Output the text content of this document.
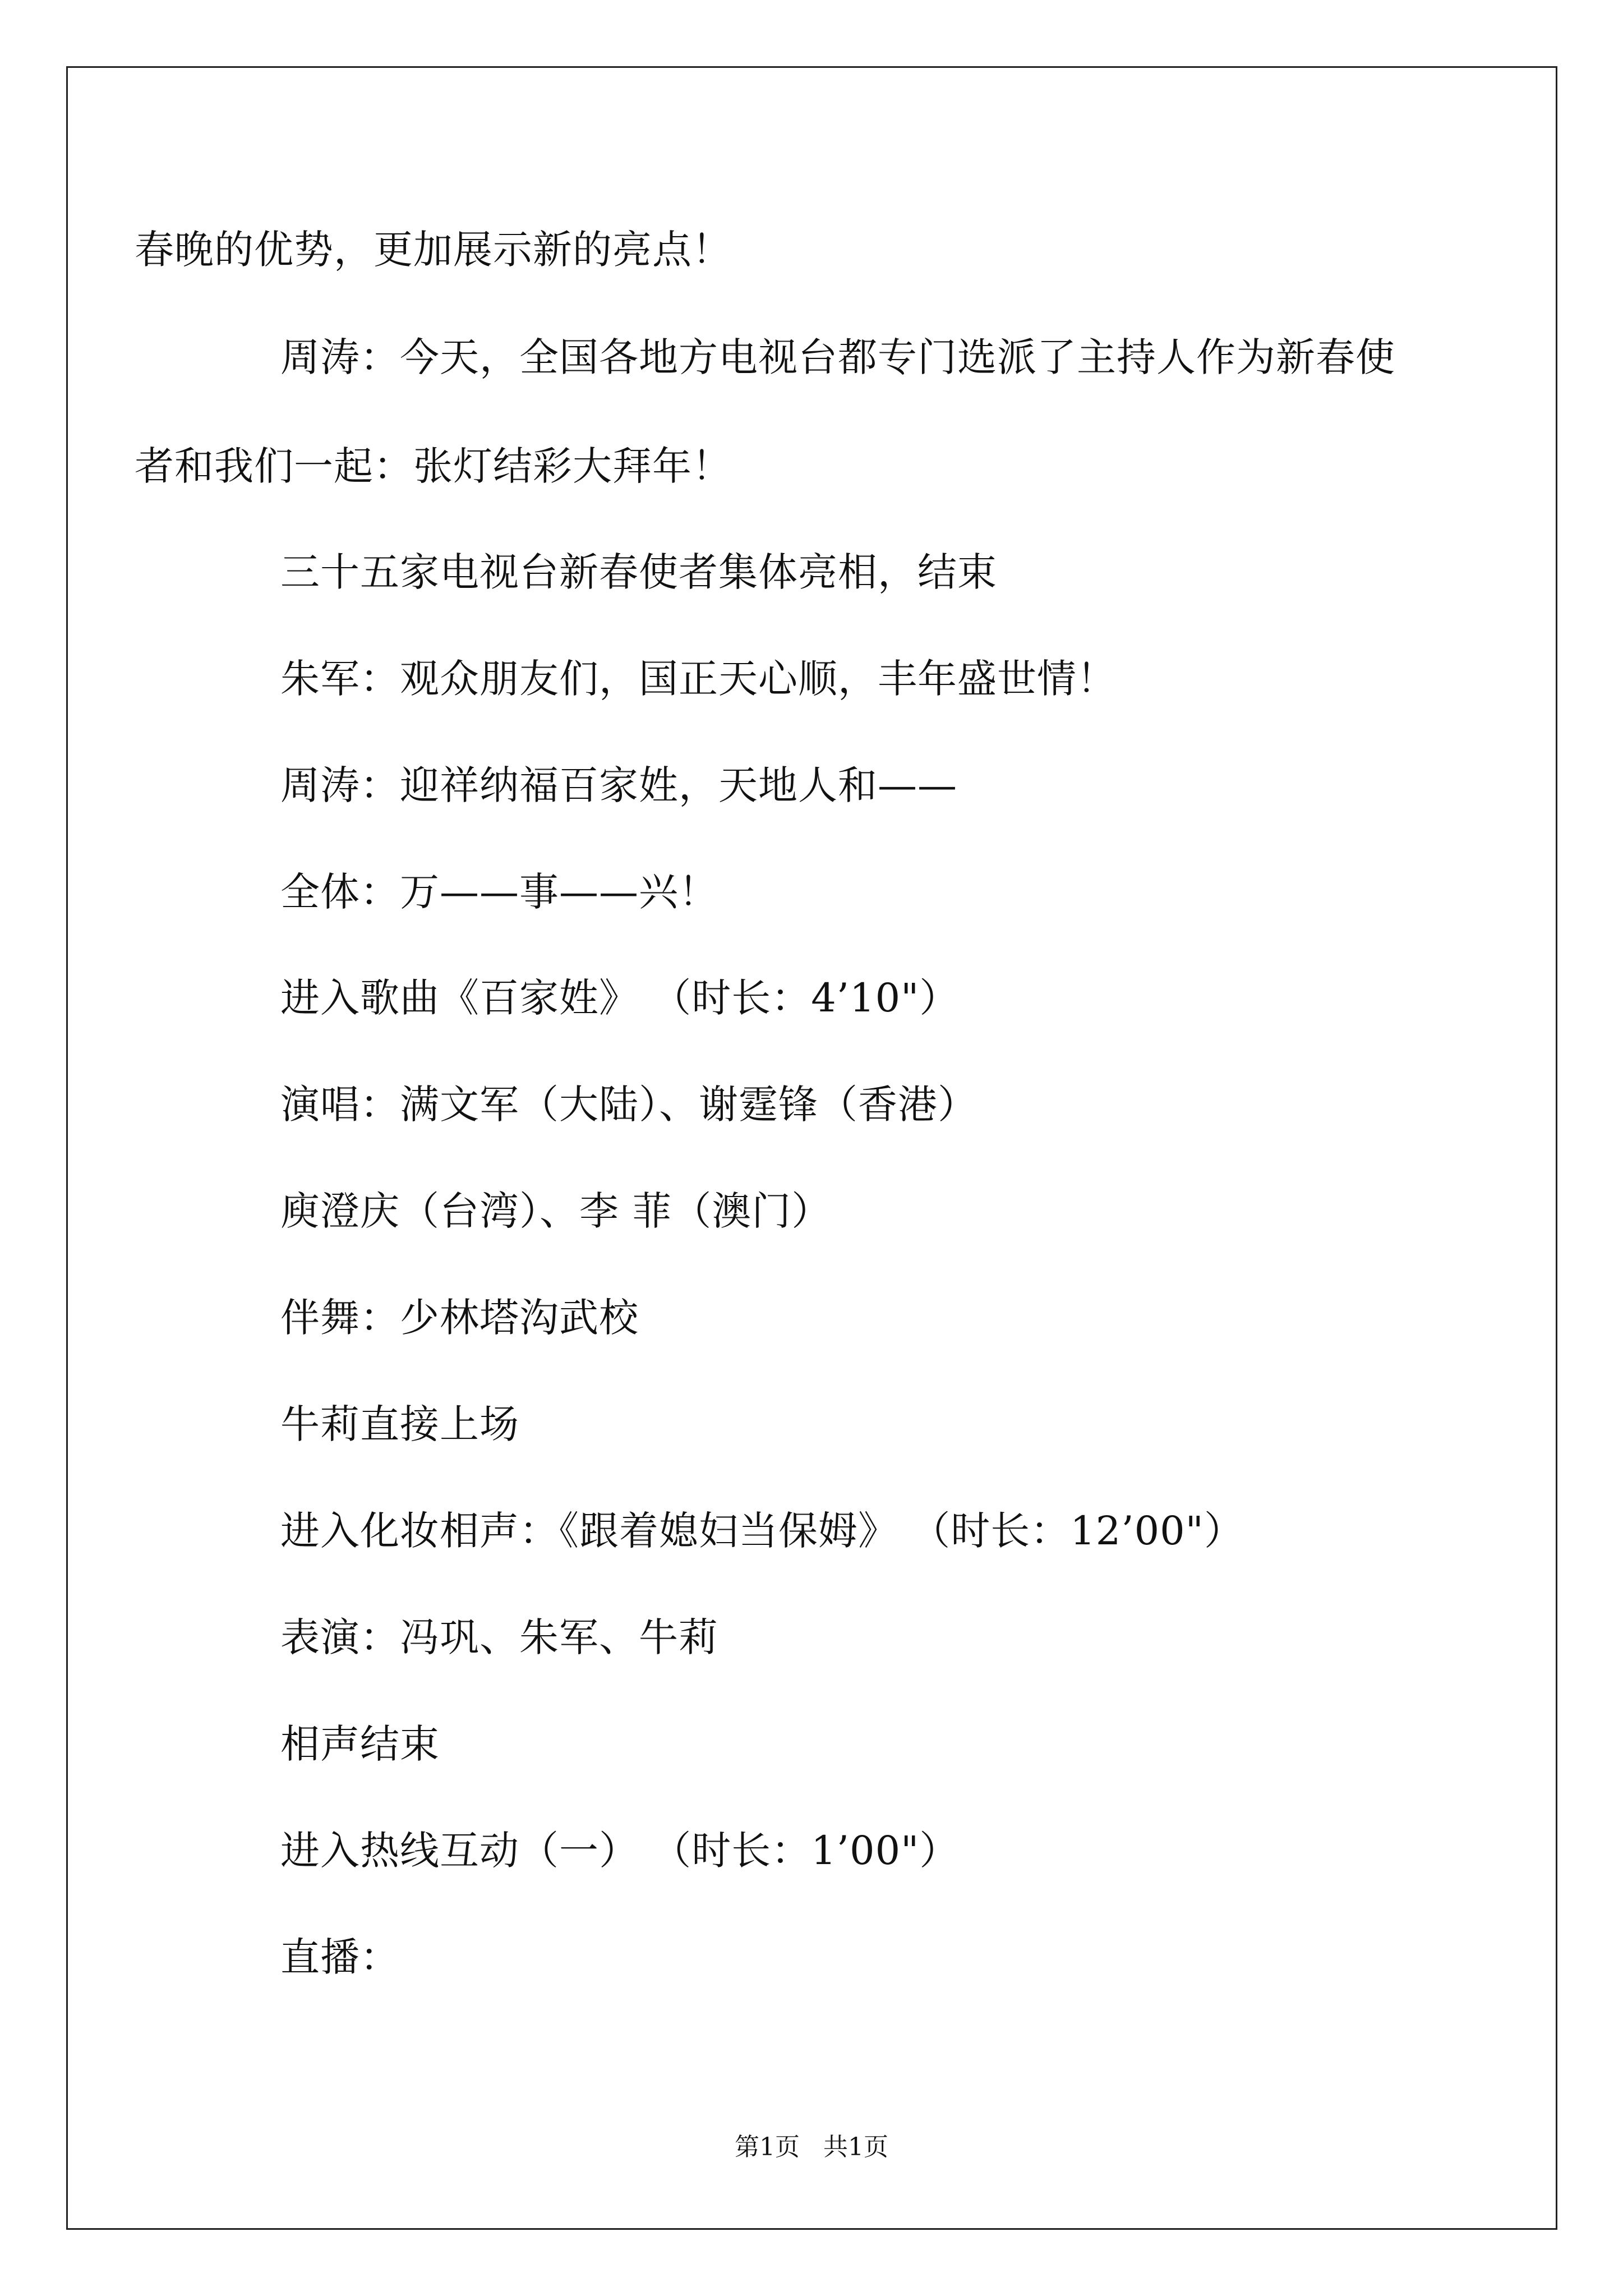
春晚的优势，更加展示新的亮点！
周涛：今天，全国各地方电视台都专门选派了主持人作为新春使
者和我们一起：张灯结彩大拜年！
三十五家电视台新春使者集体亮相，结束
朱军：观众朋友们，国正天心顺，丰年盛世情！
周涛：迎祥纳福百家姓，天地人和——
全体：万——事——兴！
进入歌曲《百家姓》 （时长：4’10"）
演唱：满文军（大陆）、谢霆锋（香港）
庾澄庆（台湾）、李 菲（澳门）
伴舞：少林塔沟武校
牛莉直接上场
进入化妆相声：《跟着媳妇当保姆》 （时长：12’00"）
表演：冯巩、朱军、牛莉
相声结束
进入热线互动（一） （时长：1’00"）
直播：
第1页   共1页
